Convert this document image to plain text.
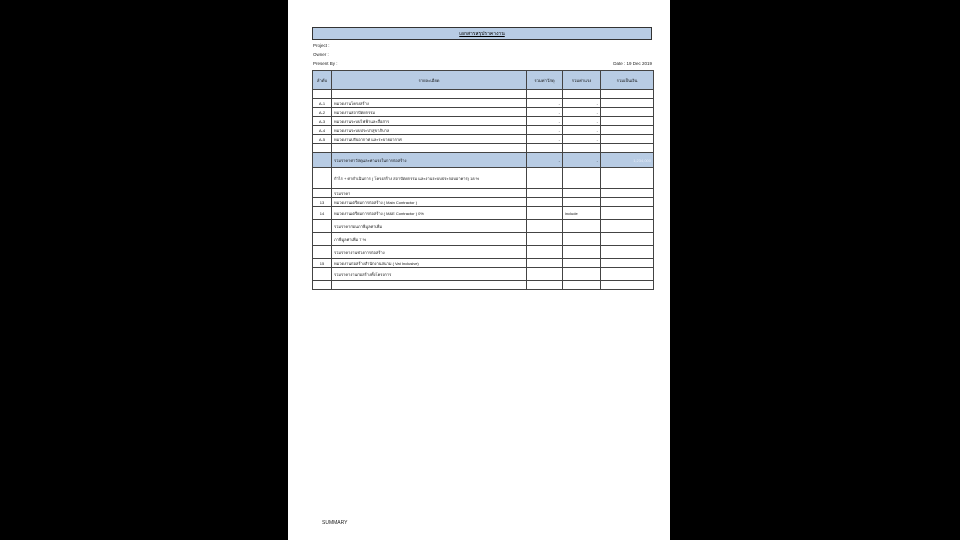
เอกสารสรุปราคางาน
Project :
Owner :
Present By :	Date : 19 Dec 2019
ลำดับ	รายละเอียด	รวมค่าวัสดุ	รวมค่าแรง	รวมเป็นเงิน

A-1	หมวดงานโครงสร้าง	-	-	
A-2	หมวดงานสถาปัตยกรรม	-	-	
A-3	หมวดงานระบบไฟฟ้าและสื่อสาร	-	-	
A-4	หมวดงานระบบประปาสุขาภิบาล	-	-	
A-5	หมวดงานปรับอากาศ และระบายอากาศ	-	-	

	รวมราคาค่าวัสดุและค่าแรงในการก่อสร้าง	-	-	1,234,000
	กำไร + ค่าดำเนินการ ( โครงสร้าง สถาปัตยกรรม และงานระบบประกอบอาคาร) 18 %			
	รวมราคา			
13	หมวดงานเตรียมการก่อสร้าง ( Main Contractor )			
14	หมวดงานเตรียมการก่อสร้าง ( M&E Contractor ) 0%		include	
	รวมราคาก่อนภาษีมูลค่าเพิ่ม			
	ภาษีมูลค่าเพิ่ม 7 %			
	รวมราคางานช่วงการก่อสร้าง			
15	หมวดงานก่อสร้างสำนักงานสนาม ( Vat Inclusive)			
	รวมราคางานก่อสร้างทั้งโครงการ			

SUMMARY
